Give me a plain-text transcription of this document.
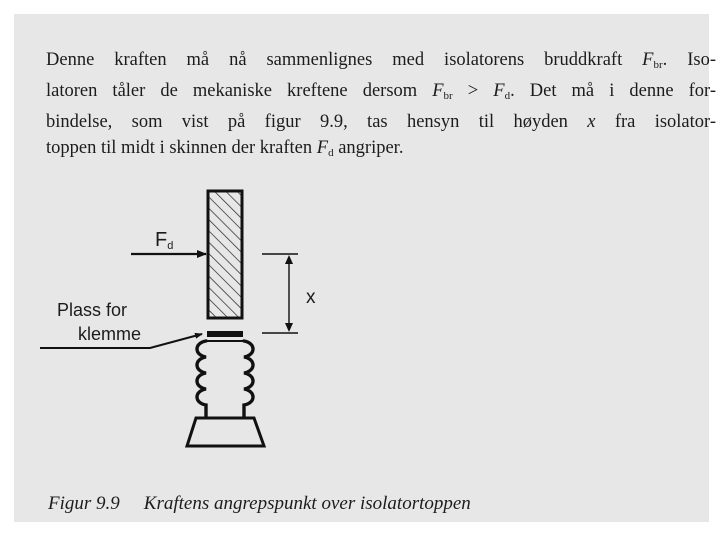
Denne kraften må nå sammenlignes med isolatorens bruddkraft $F_{br}$. Iso-
latoren tåler de mekaniske kreftene dersom $F_{br} > F_d$. Det må i denne for-
bindelse, som vist på figur 9.9, tas hensyn til høyden x fra isolator-
toppen til midt i skinnen der kraften $F_d$ angriper.

Fd
x
Plass for
klemme
Figur 9.9 Kraftens angrepspunkt over isolatortoppen
